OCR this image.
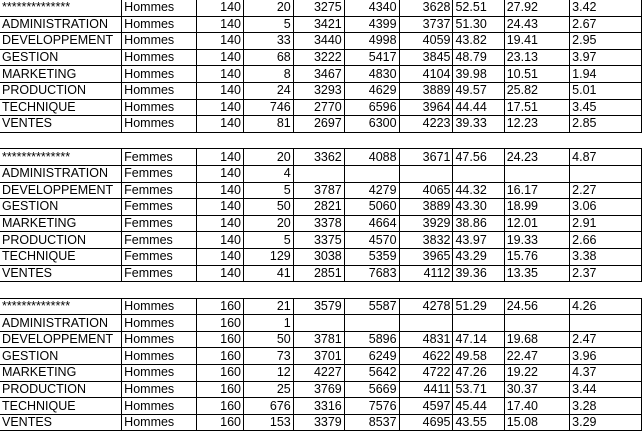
**************	Hommes	140	20	3275	4340	3628	52.51	27.92	3.42
ADMINISTRATION	Hommes	140	5	3421	4399	3737	51.30	24.43	2.67
DEVELOPPEMENT	Hommes	140	33	3440	4998	4059	43.82	19.41	2.95
GESTION	Hommes	140	68	3222	5417	3845	48.79	23.13	3.97
MARKETING	Hommes	140	8	3467	4830	4104	39.98	10.51	1.94
PRODUCTION	Hommes	140	24	3293	4629	3889	49.57	25.82	5.01
TECHNIQUE	Hommes	140	746	2770	6596	3964	44.44	17.51	3.45
VENTES	Hommes	140	81	2697	6300	4223	39.33	12.23	2.85

**************	Femmes	140	20	3362	4088	3671	47.56	24.23	4.87
ADMINISTRATION	Femmes	140	4						
DEVELOPPEMENT	Femmes	140	5	3787	4279	4065	44.32	16.17	2.27
GESTION	Femmes	140	50	2821	5060	3889	43.30	18.99	3.06
MARKETING	Femmes	140	20	3378	4664	3929	38.86	12.01	2.91
PRODUCTION	Femmes	140	5	3375	4570	3832	43.97	19.33	2.66
TECHNIQUE	Femmes	140	129	3038	5359	3965	43.29	15.76	3.38
VENTES	Femmes	140	41	2851	7683	4112	39.36	13.35	2.37

**************	Hommes	160	21	3579	5587	4278	51.29	24.56	4.26
ADMINISTRATION	Hommes	160	1						
DEVELOPPEMENT	Hommes	160	50	3781	5896	4831	47.14	19.68	2.47
GESTION	Hommes	160	73	3701	6249	4622	49.58	22.47	3.96
MARKETING	Hommes	160	12	4227	5642	4722	47.26	19.22	4.37
PRODUCTION	Hommes	160	25	3769	5669	4411	53.71	30.37	3.44
TECHNIQUE	Hommes	160	676	3316	7576	4597	45.44	17.40	3.28
VENTES	Hommes	160	153	3379	8537	4695	43.55	15.08	3.29
